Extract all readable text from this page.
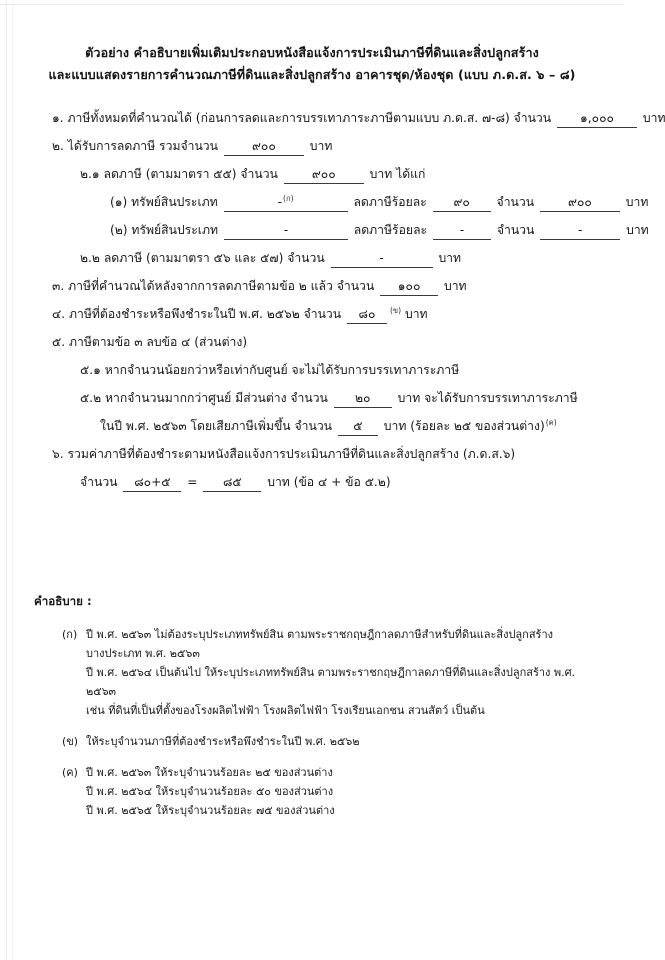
ตัวอย่าง คำอธิบายเพิ่มเติมประกอบหนังสือแจ้งการประเมินภาษีที่ดินและสิ่งปลูกสร้าง
และแบบแสดงรายการคำนวณภาษีที่ดินและสิ่งปลูกสร้าง อาคารชุด/ห้องชุด (แบบ ภ.ด.ส. ๖ – ๘)
๑. ภาษีทั้งหมดที่คำนวณได้ (ก่อนการลดและการบรรเทาภาระภาษีตามแบบ ภ.ด.ส. ๗-๘) จำนวน ๑,๐๐๐ บาท
๒. ได้รับการลดภาษี รวมจำนวน	๙๐๐	บาท
๒.๑ ลดภาษี (ตามมาตรา ๕๕) จำนวน	๙๐๐	บาท ได้แก่
(๑) ทรัพย์สินประเภท	-$^{(ก)}$	ลดภาษีร้อยละ ๙๐ จำนวน	๙๐๐	บาท
(๒) ทรัพย์สินประเภท	-	ลดภาษีร้อยละ	-	จำนวน	-	บาท
๒.๒ ลดภาษี (ตามมาตรา ๕๖ และ ๕๗) จำนวน	-	บาท
๓. ภาษีที่คำนวณได้หลังจากการลดภาษีตามข้อ ๒ แล้ว จำนวน ๑๐๐ บาท
๔. ภาษีที่ต้องชำระหรือพึงชำระในปี พ.ศ. ๒๕๖๒ จำนวน ๘๐ $^{(ข)}$ บาท
๕. ภาษีตามข้อ ๓ ลบข้อ ๔ (ส่วนต่าง)
๕.๑ หากจำนวนน้อยกว่าหรือเท่ากับศูนย์ จะไม่ได้รับการบรรเทาภาระภาษี
๕.๒ หากจำนวนมากกว่าศูนย์ มีส่วนต่าง จำนวน ๒๐ บาท จะได้รับการบรรเทาภาระภาษี
ในปี พ.ศ. ๒๕๖๓ โดยเสียภาษีเพิ่มขึ้น จำนวน ๕ บาท (ร้อยละ ๒๕ ของส่วนต่าง)$^{(ค)}$
๖. รวมค่าภาษีที่ต้องชำระตามหนังสือแจ้งการประเมินภาษีที่ดินและสิ่งปลูกสร้าง (ภ.ด.ส.๖)
จำนวน ๘๐+๕ = ๘๕ บาท (ข้อ ๔ + ข้อ ๕.๒)
คำอธิบาย :
(ก) ปี พ.ศ. ๒๕๖๓ ไม่ต้องระบุประเภททรัพย์สิน ตามพระราชกฤษฎีกาลดภาษีสำหรับที่ดินและสิ่งปลูกสร้าง
บางประเภท พ.ศ. ๒๕๖๓
ปี พ.ศ. ๒๕๖๔ เป็นต้นไป ให้ระบุประเภททรัพย์สิน ตามพระราชกฤษฎีกาลดภาษีที่ดินและสิ่งปลูกสร้าง พ.ศ. ๒๕๖๓
เช่น ที่ดินที่เป็นที่ตั้งของโรงผลิตไฟฟ้า โรงผลิตไฟฟ้า โรงเรียนเอกชน สวนสัตว์ เป็นต้น
(ข) ให้ระบุจำนวนภาษีที่ต้องชำระหรือพึงชำระในปี พ.ศ. ๒๕๖๒
(ค) ปี พ.ศ. ๒๕๖๓ ให้ระบุจำนวนร้อยละ ๒๕ ของส่วนต่าง
ปี พ.ศ. ๒๕๖๔ ให้ระบุจำนวนร้อยละ ๕๐ ของส่วนต่าง
ปี พ.ศ. ๒๕๖๕ ให้ระบุจำนวนร้อยละ ๗๕ ของส่วนต่าง
